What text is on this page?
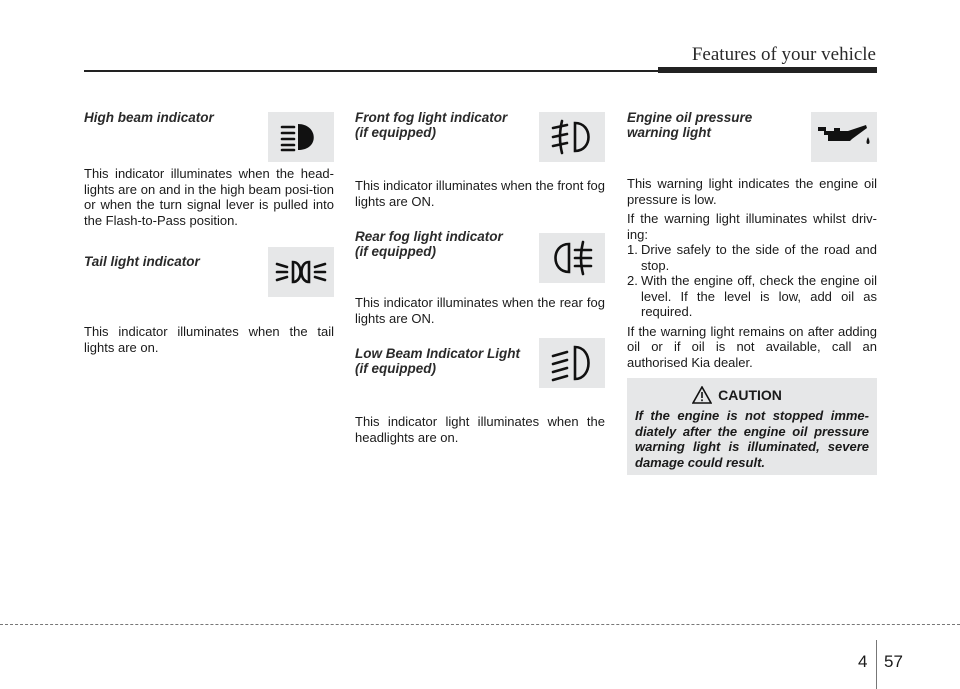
Features of your vehicle
High beam indicator

This indicator illuminates when the head-lights are on and in the high beam posi-tion or when the turn signal lever is pulled into the Flash-to-Pass position.

Tail light indicator

This indicator illuminates when the tail lights are on.

Front fog light indicator
(if equipped)

This indicator illuminates when the front fog lights are ON.

Rear fog light indicator
(if equipped)

This indicator illuminates when the rear fog lights are ON.

Low Beam Indicator Light
(if equipped)

This indicator light illuminates when the headlights are on.

Engine oil pressure
warning light

This warning light indicates the engine oil pressure is low.

If the warning light illuminates whilst driv-ing:

1. Drive safely to the side of the road and stop.
2. With the engine off, check the engine oil level. If the level is low, add oil as required.

If the warning light remains on after adding oil or if oil is not available, call an authorised Kia dealer.

CAUTION
If the engine is not stopped imme-diately after the engine oil pressure warning light is illuminated, severe damage could result.
4 57
